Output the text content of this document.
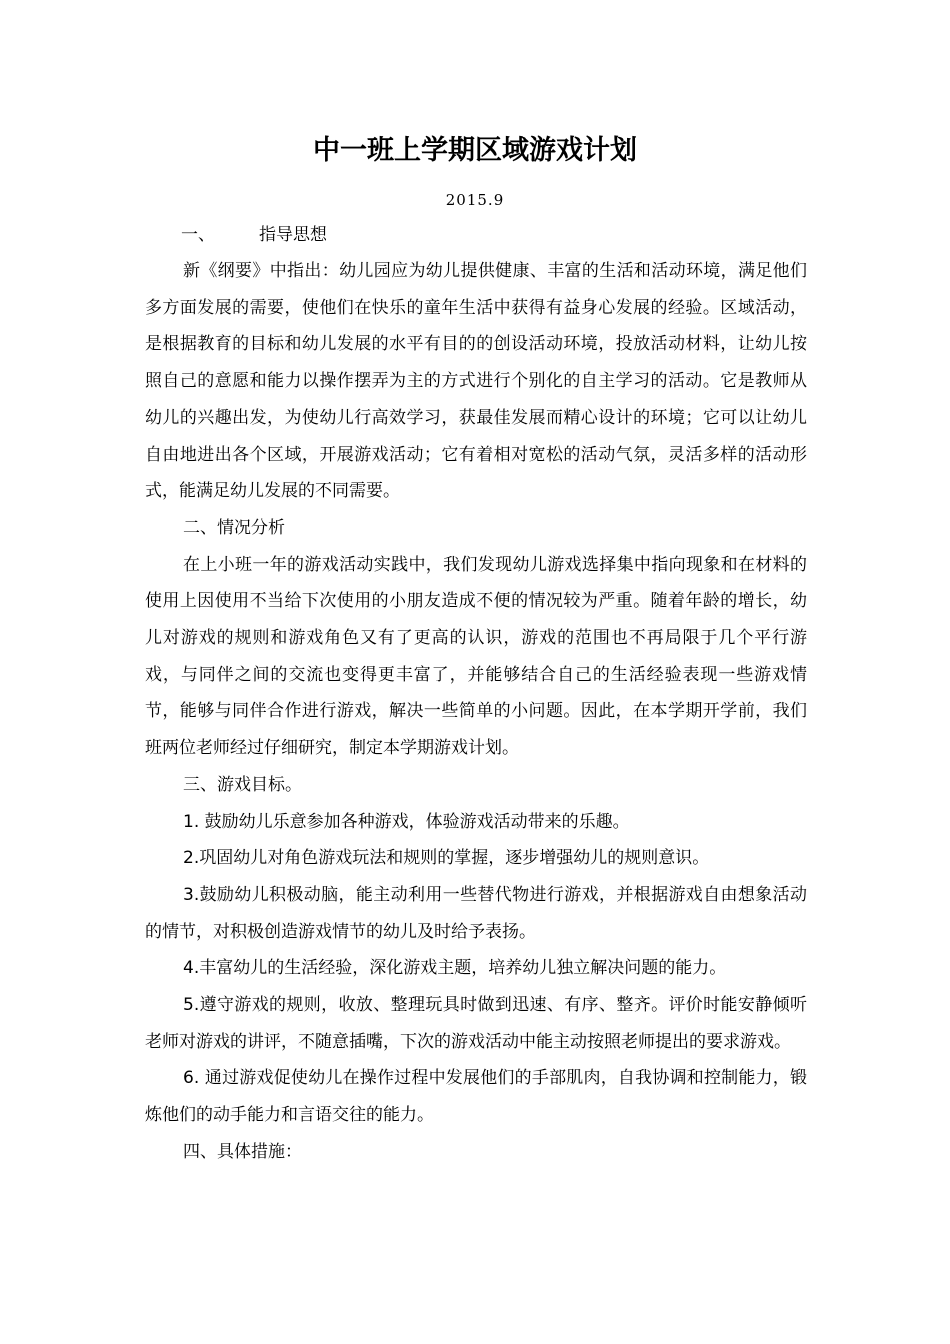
中一班上学期区域游戏计划
2015.9

一、	指导思想

新《纲要》中指出：幼儿园应为幼儿提供健康、丰富的生活和活动环境，满足他们多方面发展的需要，使他们在快乐的童年生活中获得有益身心发展的经验。区域活动，是根据教育的目标和幼儿发展的水平有目的的创设活动环境，投放活动材料，让幼儿按照自己的意愿和能力以操作摆弄为主的方式进行个别化的自主学习的活动。它是教师从幼儿的兴趣出发，为使幼儿行高效学习，获最佳发展而精心设计的环境；它可以让幼儿自由地进出各个区域，开展游戏活动；它有着相对宽松的活动气氛，灵活多样的活动形式，能满足幼儿发展的不同需要。

二、情况分析

在上小班一年的游戏活动实践中，我们发现幼儿游戏选择集中指向现象和在材料的使用上因使用不当给下次使用的小朋友造成不便的情况较为严重。随着年龄的增长，幼儿对游戏的规则和游戏角色又有了更高的认识，游戏的范围也不再局限于几个平行游戏，与同伴之间的交流也变得更丰富了，并能够结合自己的生活经验表现一些游戏情节，能够与同伴合作进行游戏，解决一些简单的小问题。因此，在本学期开学前，我们班两位老师经过仔细研究，制定本学期游戏计划。

三、游戏目标。

1. 鼓励幼儿乐意参加各种游戏，体验游戏活动带来的乐趣。

2.巩固幼儿对角色游戏玩法和规则的掌握，逐步增强幼儿的规则意识。

3.鼓励幼儿积极动脑，能主动利用一些替代物进行游戏，并根据游戏自由想象活动的情节，对积极创造游戏情节的幼儿及时给予表扬。

4.丰富幼儿的生活经验，深化游戏主题，培养幼儿独立解决问题的能力。

5.遵守游戏的规则，收放、整理玩具时做到迅速、有序、整齐。评价时能安静倾听老师对游戏的讲评，不随意插嘴，下次的游戏活动中能主动按照老师提出的要求游戏。

6. 通过游戏促使幼儿在操作过程中发展他们的手部肌肉，自我协调和控制能力，锻炼他们的动手能力和言语交往的能力。

四、具体措施：
